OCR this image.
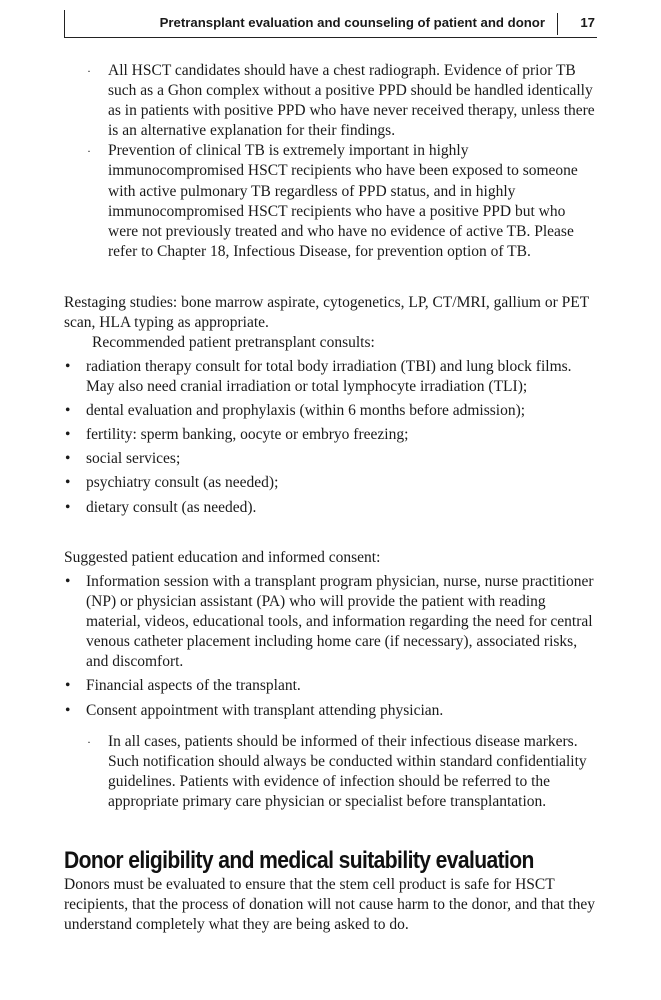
Pretransplant evaluation and counseling of patient and donor	17
· All HSCT candidates should have a chest radiograph. Evidence of prior TB such as a Ghon complex without a positive PPD should be handled identically as in patients with positive PPD who have never received therapy, unless there is an alternative explanation for their findings.
· Prevention of clinical TB is extremely important in highly immunocompromised HSCT recipients who have been exposed to someone with active pulmonary TB regardless of PPD status, and in highly immunocompromised HSCT recipients who have a positive PPD but who were not previously treated and who have no evidence of active TB. Please refer to Chapter 18, Infectious Disease, for prevention option of TB.

Restaging studies: bone marrow aspirate, cytogenetics, LP, CT/MRI, gallium or PET scan, HLA typing as appropriate.

Recommended patient pretransplant consults:

• radiation therapy consult for total body irradiation (TBI) and lung block films. May also need cranial irradiation or total lymphocyte irradiation (TLI);
• dental evaluation and prophylaxis (within 6 months before admission);
• fertility: sperm banking, oocyte or embryo freezing;
• social services;
• psychiatry consult (as needed);
• dietary consult (as needed).

Suggested patient education and informed consent:

• Information session with a transplant program physician, nurse, nurse practitioner (NP) or physician assistant (PA) who will provide the patient with reading material, videos, educational tools, and information regarding the need for central venous catheter placement including home care (if necessary), associated risks, and discomfort.
• Financial aspects of the transplant.
• Consent appointment with transplant attending physician.
· In all cases, patients should be informed of their infectious disease markers. Such notification should always be conducted within standard confidentiality guidelines. Patients with evidence of infection should be referred to the appropriate primary care physician or specialist before transplantation.
Donor eligibility and medical suitability evaluation

Donors must be evaluated to ensure that the stem cell product is safe for HSCT recipients, that the process of donation will not cause harm to the donor, and that they understand completely what they are being asked to do.
